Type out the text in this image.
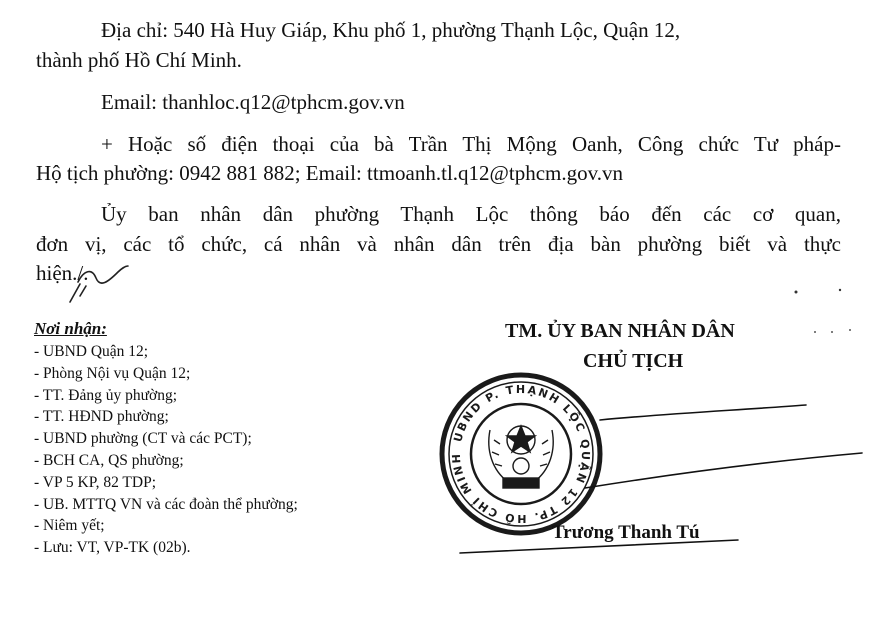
Địa chỉ: 540 Hà Huy Giáp, Khu phố 1, phường Thạnh Lộc, Quận 12,

thành phố Hồ Chí Minh.

Email: thanhloc.q12@tphcm.gov.vn

+ Hoặc số điện thoại của bà Trần Thị Mộng Oanh, Công chức Tư pháp-

Hộ tịch phường: 0942 881 882; Email: ttmoanh.tl.q12@tphcm.gov.vn

Ủy ban nhân dân phường Thạnh Lộc thông báo đến các cơ quan,

đơn vị, các tổ chức, cá nhân và nhân dân trên địa bàn phường biết và thực

hiện./.

Nơi nhận:

- UBND Quận 12;
- Phòng Nội vụ Quận 12;
- TT. Đảng ủy phường;
- TT. HĐND phường;
- UBND phường (CT và các PCT);
- BCH CA, QS phường;
- VP 5 KP, 82 TDP;
- UB. MTTQ VN và các đoàn thể phường;
- Niêm yết;
- Lưu: VT, VP-TK (02b).
TM. ỦY BAN NHÂN DÂN
CHỦ TỊCH
UBND P. THẠNH LỘC QUẬN 12 TP. HỒ CHÍ MINH
Trương Thanh Tú
